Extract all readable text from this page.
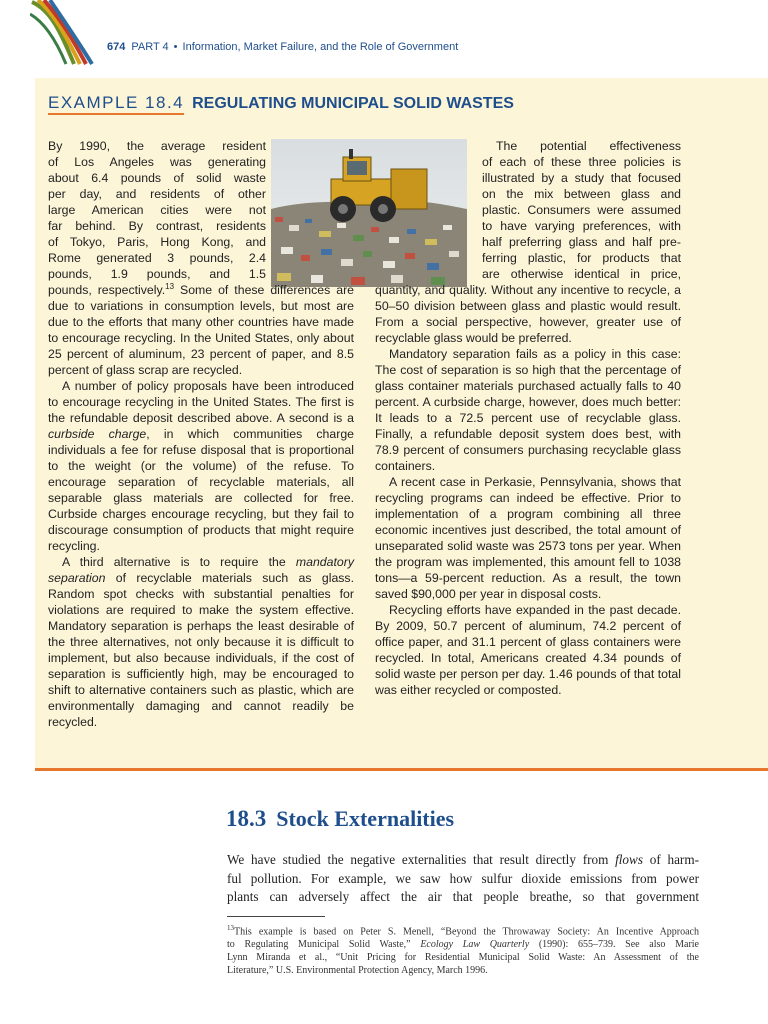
674 PART 4 • Information, Market Failure, and the Role of Government
EXAMPLE 18.4 REGULATING MUNICIPAL SOLID WASTES
By 1990, the average resident
of Los Angeles was generating
about 6.4 pounds of solid waste
per day, and residents of other
large American cities were not
far behind. By contrast, residents
of Tokyo, Paris, Hong Kong, and
Rome generated 3 pounds, 2.4
pounds, 1.9 pounds, and 1.5

pounds, respectively.$^{13}$ Some of these differences are due to variations in consumption levels, but most are due to the efforts that many other countries have made to encourage recycling. In the United States, only about 25 percent of aluminum, 23 percent of paper, and 8.5 percent of glass scrap are recycled.

A number of policy proposals have been introduced to encourage recycling in the United States. The first is the refundable deposit described above. A second is a curbside charge, in which communities charge individuals a fee for refuse disposal that is proportional to the weight (or the volume) of the refuse. To encourage separation of recyclable materials, all separable glass materials are collected for free. Curbside charges encourage recycling, but they fail to discourage consumption of products that might require recycling.

A third alternative is to require the mandatory separation of recyclable materials such as glass. Random spot checks with substantial penalties for violations are required to make the system effective. Mandatory separation is perhaps the least desirable of the three alternatives, not only because it is difficult to implement, but also because individuals, if the cost of separation is sufficiently high, may be encouraged to shift to alternative containers such as plastic, which are environmentally damaging and cannot readily be recycled.

The potential effectiveness
of each of these three policies is
illustrated by a study that focused
on the mix between glass and
plastic. Consumers were assumed
to have varying preferences, with
half preferring glass and half pre-
ferring plastic, for products that
are otherwise identical in price,

quantity, and quality. Without any incentive to recycle, a 50–50 division between glass and plastic would result. From a social perspective, however, greater use of recyclable glass would be preferred.

Mandatory separation fails as a policy in this case: The cost of separation is so high that the percentage of glass container materials purchased actually falls to 40 percent. A curbside charge, however, does much better: It leads to a 72.5 percent use of recyclable glass. Finally, a refundable deposit system does best, with 78.9 percent of consumers purchasing recyclable glass containers.

A recent case in Perkasie, Pennsylvania, shows that recycling programs can indeed be effective. Prior to implementation of a program combining all three economic incentives just described, the total amount of unseparated solid waste was 2573 tons per year. When the program was implemented, this amount fell to 1038 tons—a 59-percent reduction. As a result, the town saved $90,000 per year in disposal costs.

Recycling efforts have expanded in the past decade. By 2009, 50.7 percent of aluminum, 74.2 percent of office paper, and 31.1 percent of glass containers were recycled. In total, Americans created 4.34 pounds of solid waste per person per day. 1.46 pounds of that total was either recycled or composted.

18.3 Stock Externalities
We have studied the negative externalities that result directly from flows of harm-
ful pollution. For example, we saw how sulfur dioxide emissions from power
plants can adversely affect the air that people breathe, so that government
$^{13}$This example is based on Peter S. Menell, “Beyond the Throwaway Society: An Incentive Approach
to Regulating Municipal Solid Waste,” Ecology Law Quarterly (1990): 655–739. See also Marie
Lynn Miranda et al., “Unit Pricing for Residential Municipal Solid Waste: An Assessment of the
Literature,” U.S. Environmental Protection Agency, March 1996.
